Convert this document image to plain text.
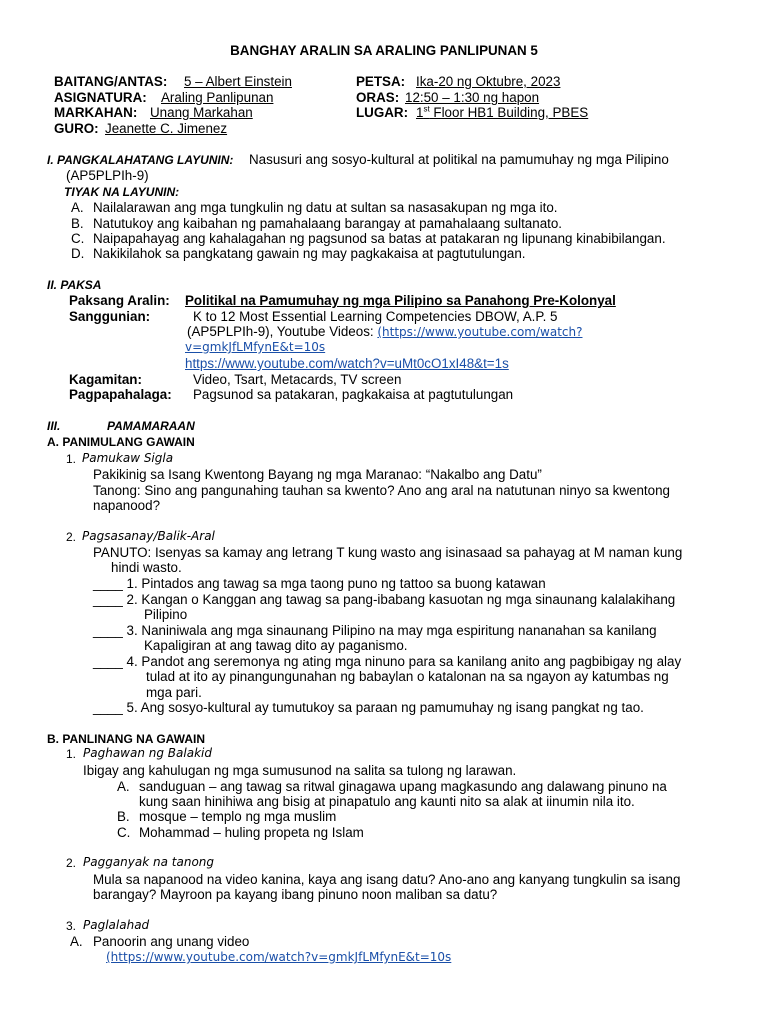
BANGHAY ARALIN SA ARALING PANLIPUNAN 5
BAITANG/ANTAS: 5 – Albert Einstein
ASIGNATURA: Araling Panlipunan
MARKAHAN: Unang Markahan
GURO: Jeanette C. Jimenez
PETSA: Ika-20 ng Oktubre, 2023
ORAS: 12:50 – 1:30 ng hapon
LUGAR: 1st Floor HB1 Building, PBES
I. PANGKALAHATANG LAYUNIN: Nasusuri ang sosyo-kultural at politikal na pamumuhay ng mga Pilipino
(AP5PLPIh-9)
TIYAK NA LAYUNIN:
A. Nailalarawan ang mga tungkulin ng datu at sultan sa nasasakupan ng mga ito.
B. Natutukoy ang kaibahan ng pamahalaang barangay at pamahalaang sultanato.
C. Naipapahayag ang kahalagahan ng pagsunod sa batas at patakaran ng lipunang kinabibilangan.
D. Nakikilahok sa pangkatang gawain ng may pagkakaisa at pagtutulungan.
II. PAKSA
Paksang Aralin: Politikal na Pamumuhay ng mga Pilipino sa Panahong Pre-Kolonyal
Sanggunian:	K to 12 Most Essential Learning Competencies DBOW, A.P. 5
(AP5PLPIh-9), Youtube Videos: (https://www.youtube.com/watch?
v=gmkJfLMfynE&t=10s
https://www.youtube.com/watch?v=uMt0cO1xI48&t=1s
Kagamitan:	Video, Tsart, Metacards, TV screen
Pagpapahalaga: Pagsunod sa patakaran, pagkakaisa at pagtutulungan
III.	PAMAMARAAN
A. PANIMULANG GAWAIN
1. Pamukaw Sigla
Pakikinig sa Isang Kwentong Bayang ng mga Maranao: “Nakalbo ang Datu”
Tanong: Sino ang pangunahing tauhan sa kwento? Ano ang aral na natutunan ninyo sa kwentong
napanood?
2. Pagsasanay/Balik-Aral
PANUTO: Isenyas sa kamay ang letrang T kung wasto ang isinasaad sa pahayag at M naman kung
hindi wasto.
____ 1. Pintados ang tawag sa mga taong puno ng tattoo sa buong katawan
____ 2. Kangan o Kanggan ang tawag sa pang-ibabang kasuotan ng mga sinaunang kalalakihang
Pilipino
____ 3. Naniniwala ang mga sinaunang Pilipino na may mga espiritung nananahan sa kanilang
Kapaligiran at ang tawag dito ay paganismo.
____ 4. Pandot ang seremonya ng ating mga ninuno para sa kanilang anito ang pagbibigay ng alay
tulad at ito ay pinangungunahan ng babaylan o katalonan na sa ngayon ay katumbas ng
mga pari.
____ 5. Ang sosyo-kultural ay tumutukoy sa paraan ng pamumuhay ng isang pangkat ng tao.
B. PANLINANG NA GAWAIN
1. Paghawan ng Balakid
Ibigay ang kahulugan ng mga sumusunod na salita sa tulong ng larawan.
A. sanduguan – ang tawag sa ritwal ginagawa upang magkasundo ang dalawang pinuno na
kung saan hinihiwa ang bisig at pinapatulo ang kaunti nito sa alak at iinumin nila ito.
B. mosque – templo ng mga muslim
C. Mohammad – huling propeta ng Islam
2. Pagganyak na tanong
Mula sa napanood na video kanina, kaya ang isang datu? Ano-ano ang kanyang tungkulin sa isang
barangay? Mayroon pa kayang ibang pinuno noon maliban sa datu?
3. Paglalahad
A. Panoorin ang unang video
(https://www.youtube.com/watch?v=gmkJfLMfynE&t=10s
